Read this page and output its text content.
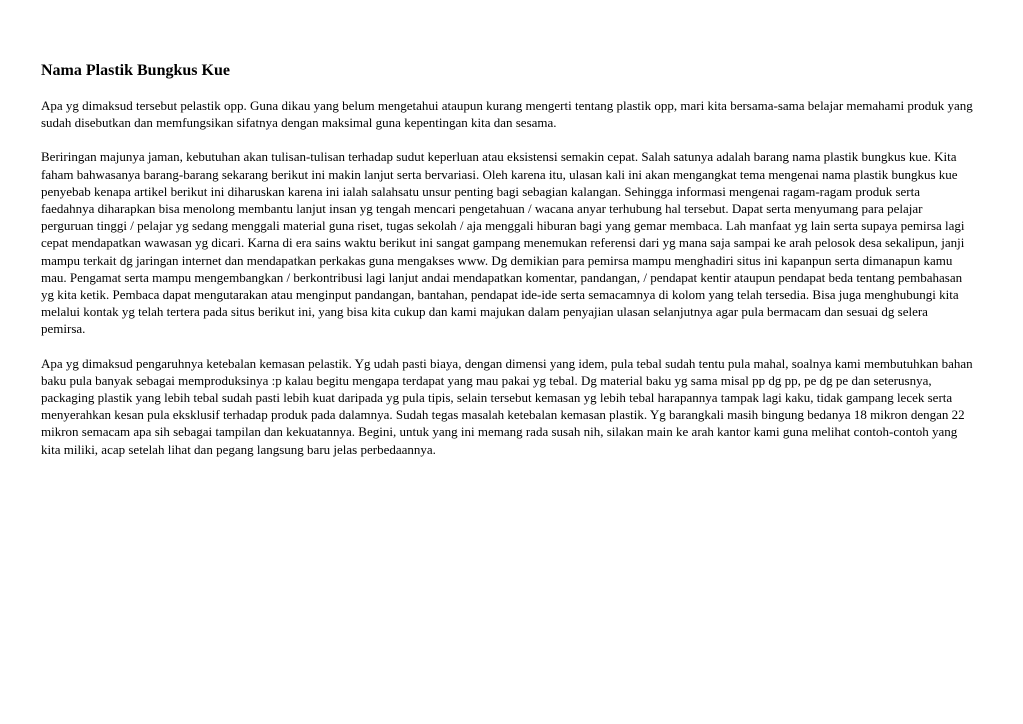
Nama Plastik Bungkus Kue

Apa yg dimaksud tersebut pelastik opp. Guna dikau yang belum mengetahui ataupun kurang mengerti tentang plastik opp, mari kita bersama-sama belajar memahami produk yang sudah disebutkan dan memfungsikan sifatnya dengan maksimal guna kepentingan kita dan sesama.

Beriringan majunya jaman, kebutuhan akan tulisan-tulisan terhadap sudut keperluan atau eksistensi semakin cepat. Salah satunya adalah barang nama plastik bungkus kue. Kita faham bahwasanya barang-barang sekarang berikut ini makin lanjut serta bervariasi. Oleh karena itu, ulasan kali ini akan mengangkat tema mengenai nama plastik bungkus kue penyebab kenapa artikel berikut ini diharuskan karena ini ialah salahsatu unsur penting bagi sebagian kalangan. Sehingga informasi mengenai ragam-ragam produk serta faedahnya diharapkan bisa menolong membantu lanjut insan yg tengah mencari pengetahuan / wacana anyar terhubung hal tersebut. Dapat serta menyumang para pelajar perguruan tinggi / pelajar yg sedang menggali material guna riset, tugas sekolah / aja menggali hiburan bagi yang gemar membaca. Lah manfaat yg lain serta supaya pemirsa lagi cepat mendapatkan wawasan yg dicari. Karna di era sains waktu berikut ini sangat gampang menemukan referensi dari yg mana saja sampai ke arah pelosok desa sekalipun, janji mampu terkait dg jaringan internet dan mendapatkan perkakas guna mengakses www. Dg demikian para pemirsa mampu menghadiri situs ini kapanpun serta dimanapun kamu mau. Pengamat serta mampu mengembangkan / berkontribusi lagi lanjut andai mendapatkan komentar, pandangan, / pendapat kentir ataupun pendapat beda tentang pembahasan yg kita ketik. Pembaca dapat mengutarakan atau menginput pandangan, bantahan, pendapat ide-ide serta semacamnya di kolom yang telah tersedia. Bisa juga menghubungi kita melalui kontak yg telah tertera pada situs berikut ini, yang bisa kita cukup dan kami majukan dalam penyajian ulasan selanjutnya agar pula bermacam dan sesuai dg selera pemirsa.

Apa yg dimaksud pengaruhnya ketebalan kemasan pelastik. Yg udah pasti biaya, dengan dimensi yang idem, pula tebal sudah tentu pula mahal, soalnya kami membutuhkan bahan baku pula banyak sebagai memproduksinya :p kalau begitu mengapa terdapat yang mau pakai yg tebal. Dg material baku yg sama misal pp dg pp, pe dg pe dan seterusnya, packaging plastik yang lebih tebal sudah pasti lebih kuat daripada yg pula tipis, selain tersebut kemasan yg lebih tebal harapannya tampak lagi kaku, tidak gampang lecek serta menyerahkan kesan pula eksklusif terhadap produk pada dalamnya. Sudah tegas masalah ketebalan kemasan plastik. Yg barangkali masih bingung bedanya 18 mikron dengan 22 mikron semacam apa sih sebagai tampilan dan kekuatannya. Begini, untuk yang ini memang rada susah nih, silakan main ke arah kantor kami guna melihat contoh-contoh yang kita miliki, acap setelah lihat dan pegang langsung baru jelas perbedaannya.
